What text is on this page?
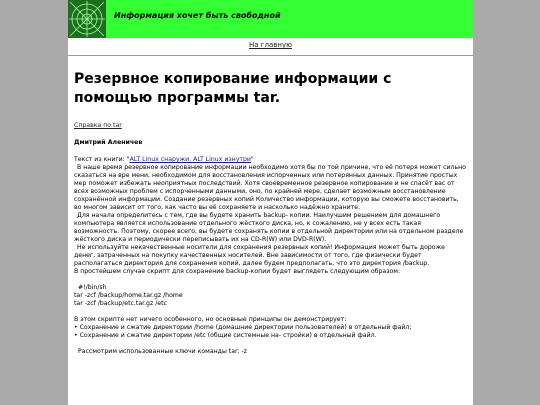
Информация хочет быть свободной
На главную
Резервное копирование информации с помощью программы tar.

Справка по tar

Дмитрий Аленичев

Текст из книги: "ALT Linux снаружи. ALT Linux изнутри"

В наше время резервное копирование информации необходимо хотя бы по той причине, что её потеря может сильно сказаться на вре мени, необходимом для восстановления испорченных или потерянных данных. Принятие простых мер поможет избежать неоприятных последствий. Хотя своевременное резервное копирование и не спасёт вас от всех возможных проблем с испорченными данными, оно, по крайней мере, сделает возможным восстановление сохранённой информации. Создание резервных копий Количество информации, которую вы сможете восстановить, во многом зависит от того, как часто вы её сохраняете и насколько надёжно храните.

Для начала определитесь с тем, где вы будете хранить backup- копии. Наилучшим решением для домашнего компьютера является использование отдельного жёсткого диска, но, к сожалению, не у всех есть такая возможность. Поэтому, скорее всего, вы будете сохранять копии в отдельной директории или на отдельном разделе жёсткого диска и периодически переписывать их на CD-R(W) или DVD-R(W).

Не используйте некачественные носители для сохранения резервных копий! Информация может быть дороже денег, затраченных на покупку качественных носителей. Вне зависимости от того, где физически будет располагаться директория для сохранения копий, далее будем предполагать, что это директория /backup.

В простейшем случае скрипт для сохранение backup-копии будет выглядеть следующим образом:

#!/bin/sh

tar -zcf /backup/home.tar.gz /home

tar -zcf /backup/etc.tar.gz /etc

В этом скрипте нет ничего особенного, но основные принципы он демонстрирует:

• Сохранение и сжатие директории /home (домашние директории пользователей) в отдельный файл;

• Сохранение и сжатие директории /etc (общие системные на- стройки) в отдельный файл.

Рассмотрим использованные ключи команды tar: -z
